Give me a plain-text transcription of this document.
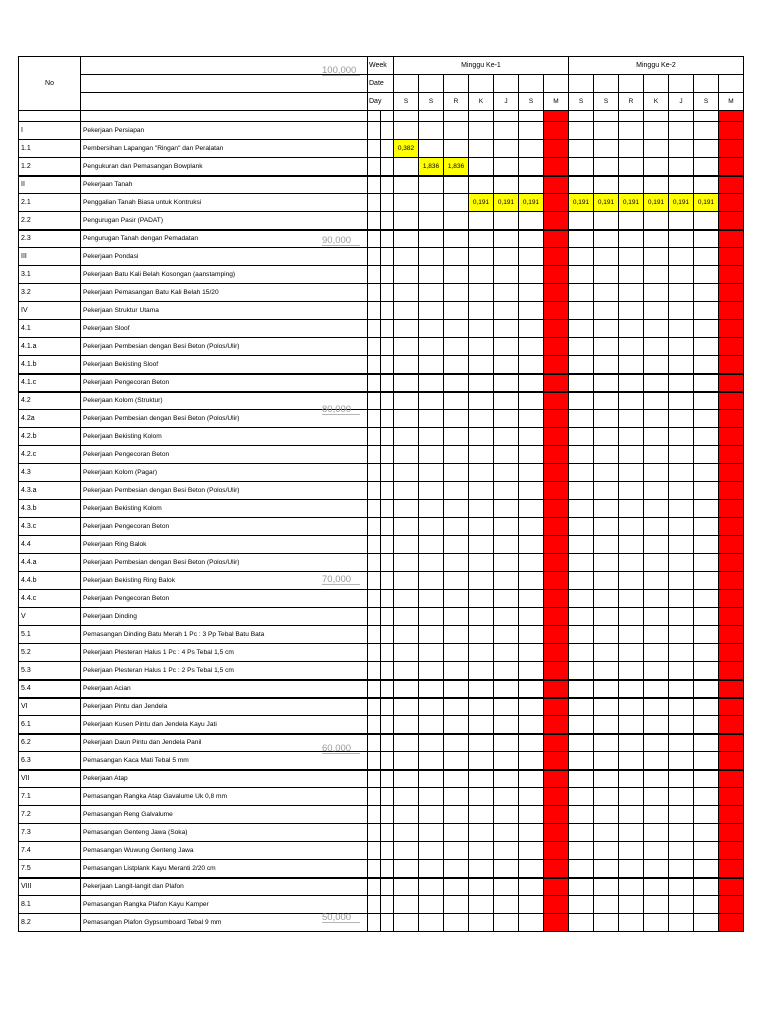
No		Week		Minggu Ke-1							Minggu Ke-2						
		Date															
		Day		S	S	R	K	J	S	M	S	S	R	K	J	S	M

I	Pekerjaan Persiapan																
1.1	Pembersihan Lapangan "Ringan" dan Peralatan			0,382													
1.2	Pengukuran dan Pemasangan Bowplank				1,836	1,836											
II	Pekerjaan Tanah																
2.1	Penggalian Tanah Biasa untuk Kontruksi						0,191	0,191	0,191		0,191	0,191	0,191	0,191	0,191	0,191	
2.2	Pengurugan Pasir (PADAT)																
2.3	Pengurugan Tanah dengan Pemadatan																
III	Pekerjaan Pondasi																
3.1	Pekerjaan Batu Kali Belah Kosongan (aanstamping)																
3.2	Pekerjaan Pemasangan Batu Kali Belah 15/20																
IV	Pekerjaan Struktur Utama																
4.1	Pekerjaan Sloof																
4.1.a	Pekerjaan Pembesian dengan Besi Beton (Polos/Ulir)																
4.1.b	Pekerjaan Bekisting Sloof																
4.1.c	Pekerjaan Pengecoran Beton																
4.2	Pekerjaan Kolom (Struktur)																
4.2a	Pekerjaan Pembesian dengan Besi Beton (Polos/Ulir)																
4.2.b	Pekerjaan Bekisting Kolom																
4.2.c	Pekerjaan Pengecoran Beton																
4.3	Pekerjaan Kolom (Pagar)																
4.3.a	Pekerjaan Pembesian dengan Besi Beton (Polos/Ulir)																
4.3.b	Pekerjaan Bekisting Kolom																
4.3.c	Pekerjaan Pengecoran Beton																
4.4	Pekerjaan Ring Balok																
4.4.a	Pekerjaan Pembesian dengan Besi Beton (Polos/Ulir)																
4.4.b	Pekerjaan Bekisting Ring Balok																
4.4.c	Pekerjaan Pengecoran Beton																
V	Pekerjaan Dinding																
5.1	Pemasangan Dinding Batu Merah 1 Pc : 3 Pp Tebal Batu Bata																
5.2	Pekerjaan Plesteran Halus 1 Pc : 4 Ps Tebal 1,5 cm																
5.3	Pekerjaan Plesteran Halus 1 Pc : 2 Ps Tebal 1,5 cm																
5.4	Pekerjaan Acian																
VI	Pekerjaan Pintu dan Jendela																
6.1	Pekerjaan Kusen Pintu dan Jendela Kayu Jati																
6.2	Pekerjaan Daun Pintu dan Jendela Panil																
6.3	Pemasangan Kaca Mati Tebal 5 mm																
VII	Pekerjaan Atap																
7.1	Pemasangan Rangka Atap Gavalume Uk 0,8 mm																
7.2	Pemasangan Reng Galvalume																
7.3	Pemasangan Genteng Jawa (Soka)																
7.4	Pemasangan Wuwung Genteng Jawa																
7.5	Pemasangan Listplank Kayu Meranti 2/20 cm																
VIII	Pekerjaan Langit-langit dan Plafon																
8.1	Pemasangan Rangka Plafon Kayu Kamper																
8.2	Pemasangan Plafon Gypsumboard Tebal 9 mm																
100,000
90,000
80,000
70,000
60,000
50,000
